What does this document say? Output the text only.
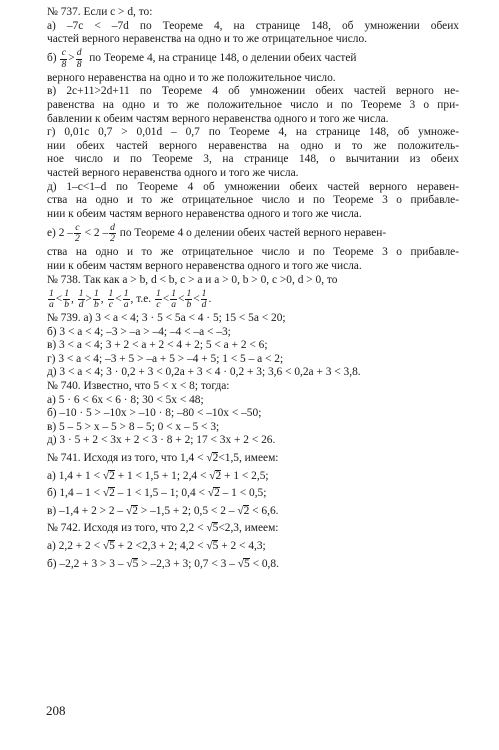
№ 737. Если c > d, то:
а) –7c < –7d по Теореме 4, на странице 148, об умножении обеих
частей верного неравенства на одно и то же отрицательное число.
б)
$\frac{c}{8} > \frac{d}{8}$
по Теореме 4, на странице 148, о делении обеих частей
верного неравенства на одно и то же положительное число.
в) 2c+11>2d+11 по Теореме 4 об умножении обеих частей верного не-
равенства на одно и то же положительное число и по Теореме 3 о при-
бавлении к обеим частям верного неравенства одного и того же числа.
г) 0,01c 0,7 > 0,01d – 0,7 по Теореме 4, на странице 148, об умноже-
нии обеих частей верного неравенства на одно и то же положитель-
ное число и по Теореме 3, на странице 148, о вычитании из обеих
частей верного неравенства одного и того же числа.
д) 1–c<1–d по Теореме 4 об умножении обеих частей верного неравен-
ства на одно и то же отрицательное число и по Теореме 3 о прибавле-
нии к обеим частям верного неравенства одного и того же числа.
е)
$2 - \frac{c}{2}$
< $2 - \frac{d}{2}$
по Теореме 4 о делении обеих частей верного неравен-
ства на одно и то же отрицательное число и по Теореме 3 о прибавле-
нии к обеим частям верного неравенства одного и того же числа.
№ 738. Так как a > b, d < b, c > a и a > 0, b > 0, c >0, d > 0, то
$\frac{1}{a} < \frac{1}{b}$ ,
$\frac{1}{d} > \frac{1}{b}$ ,
$\frac{1}{c} < \frac{1}{a}$ , т.е.
$\frac{1}{c} < \frac{1}{a} < \frac{1}{b} < \frac{1}{d}$ .
№ 739. а) 3 < a < 4; 3 · 5 < 5a < 4 · 5; 15 < 5a < 20;
б) 3 < a < 4; –3 > –a > –4; –4 < –a < –3;
в) 3 < a < 4; 3 + 2 < a + 2 < 4 + 2; 5 < a + 2 < 6;
г) 3 < a < 4; –3 + 5 > –a + 5 > –4 + 5; 1 < 5 – a < 2;
д) 3 < a < 4; 3 · 0,2 + 3 < 0,2a + 3 < 4 · 0,2 + 3; 3,6 < 0,2a + 3 < 3,8.
№ 740. Известно, что 5 < x < 8; тогда:
а) 5 · 6 < 6x < 6 · 8; 30 < 5x < 48;
б) –10 · 5 > –10x > –10 · 8; –80 < –10x < –50;
в) 5 – 5 > x – 5 > 8 – 5; 0 < x – 5 < 3;
д) 3 · 5 + 2 < 3x + 2 < 3 · 8 + 2; 17 < 3x + 2 < 26.
№ 741. Исходя из того, что 1,4 < √2<1,5, имеем:
а) 1,4 + 1 < √2 + 1 < 1,5 + 1; 2,4 < √2 + 1 < 2,5;
б) 1,4 – 1 < √2 – 1 < 1,5 – 1; 0,4 < √2 – 1 < 0,5;
в) –1,4 + 2 > 2 – √2 > –1,5 + 2; 0,5 < 2 – √2 < 6,6.
№ 742. Исходя из того, что 2,2 < √5<2,3, имеем:
а) 2,2 + 2 < √5 + 2 <2,3 + 2; 4,2 < √5 + 2 < 4,3;
б) –2,2 + 3 > 3 – √5 > –2,3 + 3; 0,7 < 3 – √5 < 0,8.
208
